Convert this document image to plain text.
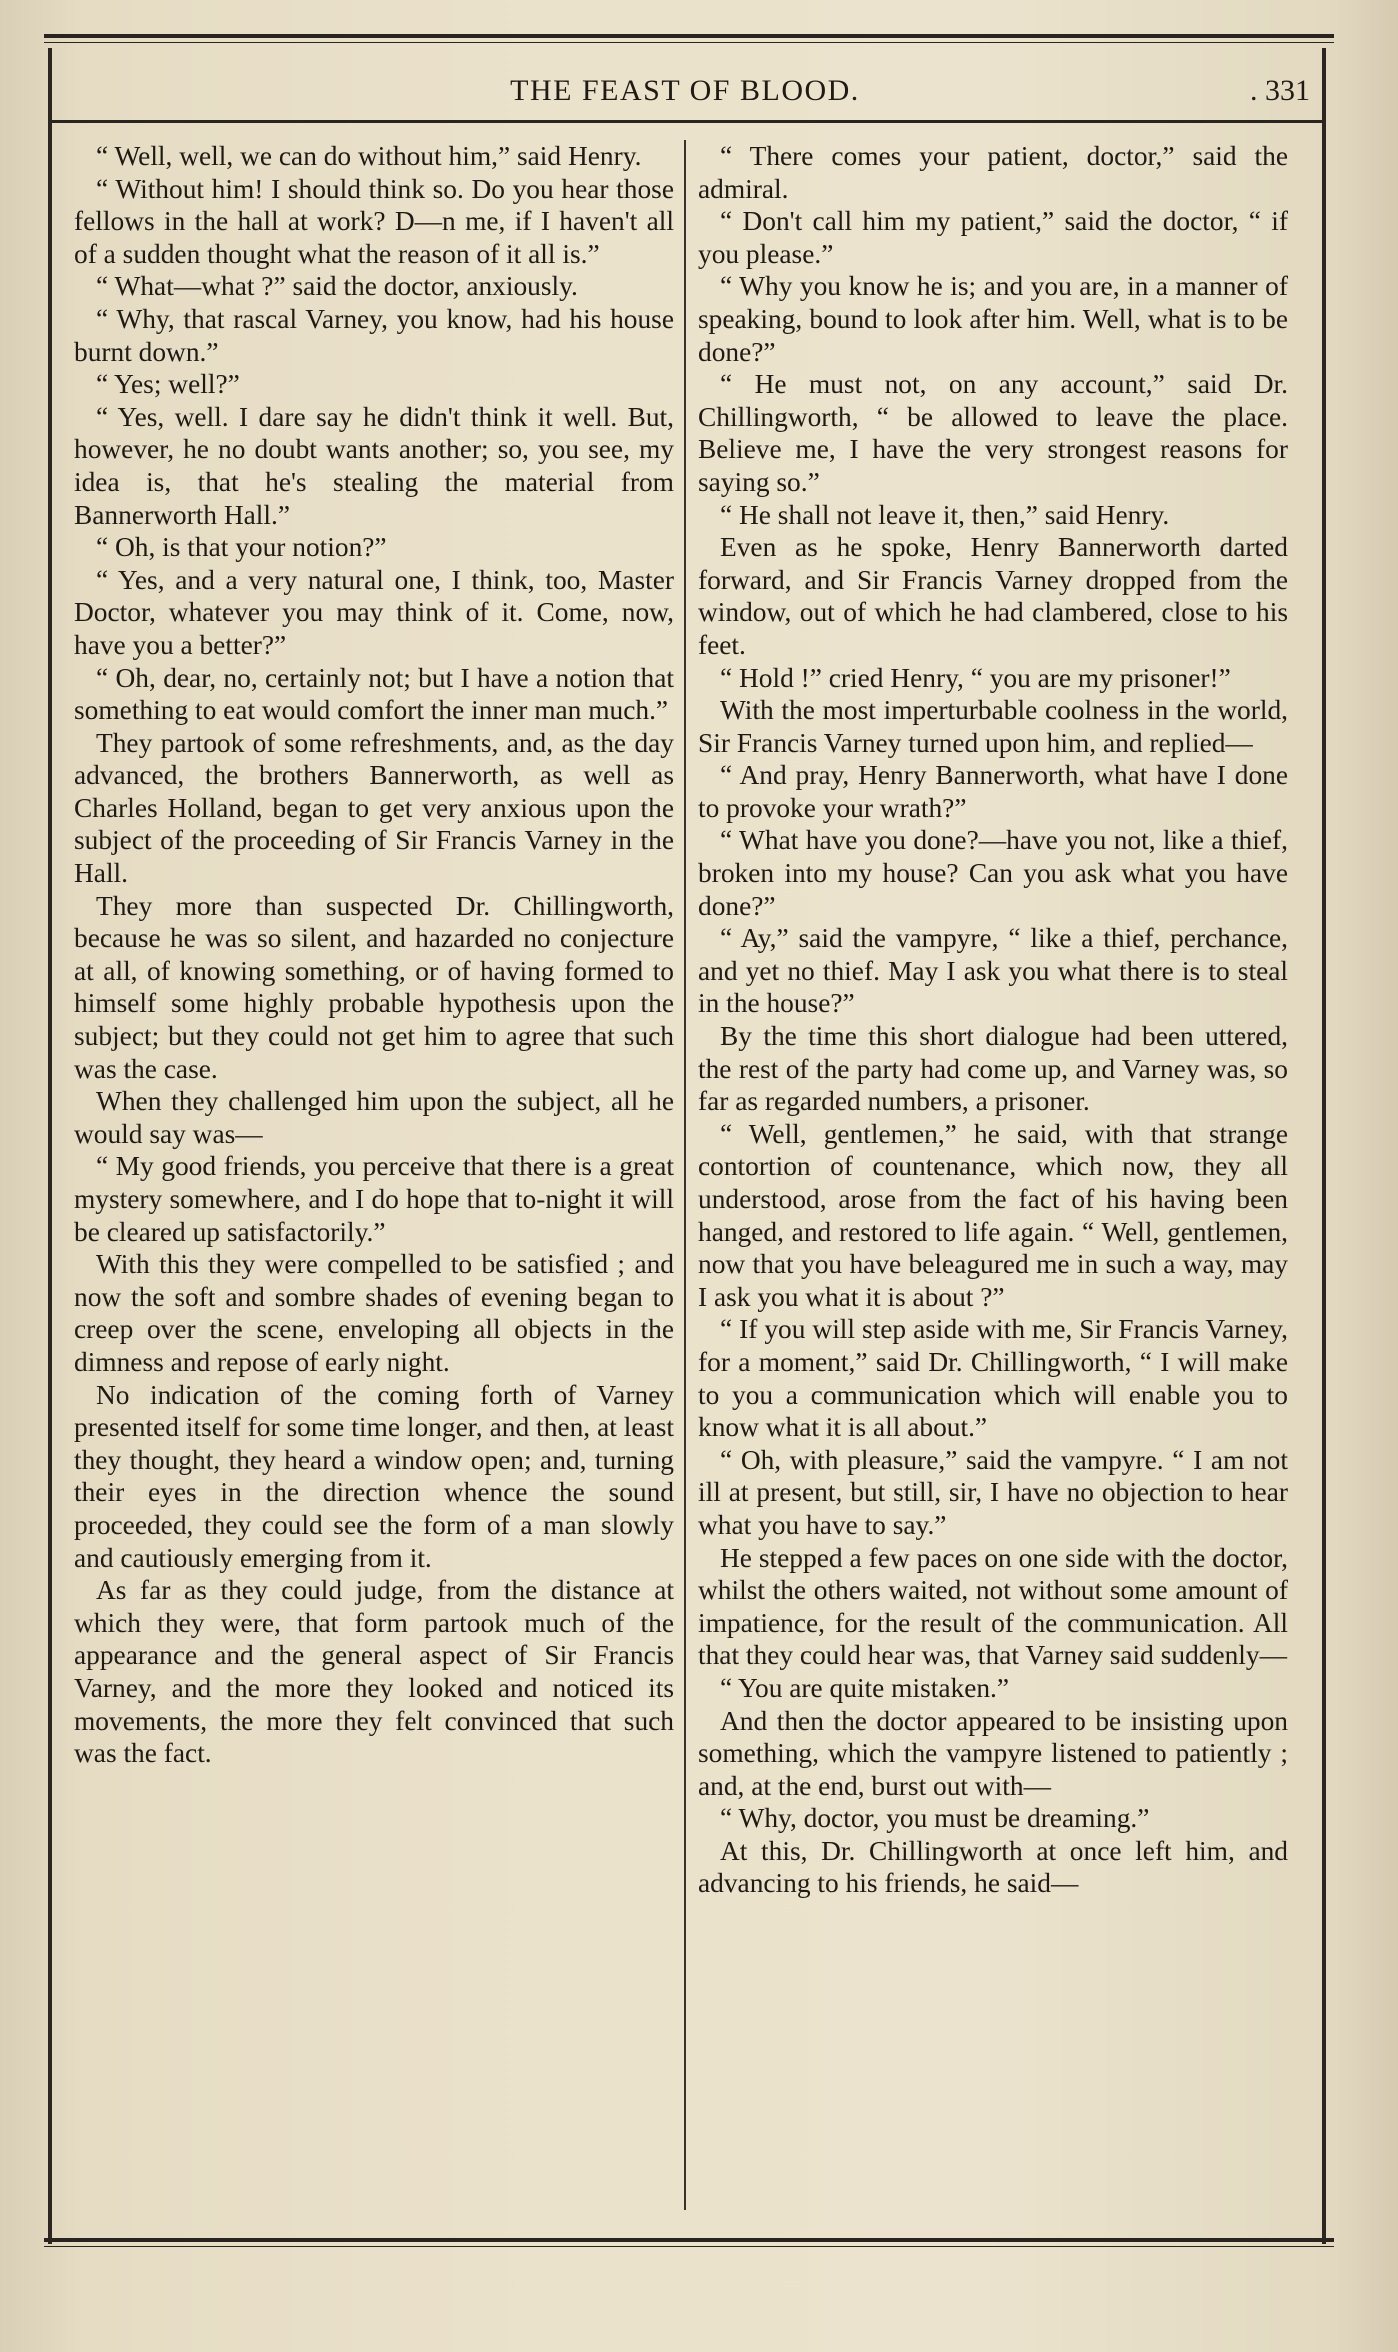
THE FEAST OF BLOOD.	. 331

“ Well, well, we can do without him,” said Henry.

“ Without him! I should think so. Do you hear those fellows in the hall at work? D—n me, if I haven't all of a sudden thought what the reason of it all is.”

“ What—what ?” said the doctor, anxiously.

“ Why, that rascal Varney, you know, had his house burnt down.”

“ Yes; well?”

“ Yes, well. I dare say he didn't think it well. But, however, he no doubt wants another; so, you see, my idea is, that he's stealing the material from Bannerworth Hall.”

“ Oh, is that your notion?”

“ Yes, and a very natural one, I think, too, Master Doctor, whatever you may think of it. Come, now, have you a better?”

“ Oh, dear, no, certainly not; but I have a notion that something to eat would comfort the inner man much.”

They partook of some refreshments, and, as the day advanced, the brothers Bannerworth, as well as Charles Holland, began to get very anxious upon the subject of the proceeding of Sir Francis Varney in the Hall.

They more than suspected Dr. Chillingworth, because he was so silent, and hazarded no conjecture at all, of knowing something, or of having formed to himself some highly probable hypothesis upon the subject; but they could not get him to agree that such was the case.

When they challenged him upon the subject, all he would say was—

“ My good friends, you perceive that there is a great mystery somewhere, and I do hope that to-night it will be cleared up satisfactorily.”

With this they were compelled to be satisfied ; and now the soft and sombre shades of evening began to creep over the scene, enveloping all objects in the dimness and repose of early night.

No indication of the coming forth of Varney presented itself for some time longer, and then, at least they thought, they heard a window open; and, turning their eyes in the direction whence the sound proceeded, they could see the form of a man slowly and cautiously emerging from it.

As far as they could judge, from the distance at which they were, that form partook much of the appearance and the general aspect of Sir Francis Varney, and the more they looked and noticed its movements, the more they felt convinced that such was the fact.

“ There comes your patient, doctor,” said the admiral.

“ Don't call him my patient,” said the doctor, “ if you please.”

“ Why you know he is; and you are, in a manner of speaking, bound to look after him. Well, what is to be done?”

“ He must not, on any account,” said Dr. Chillingworth, “ be allowed to leave the place. Believe me, I have the very strongest reasons for saying so.”

“ He shall not leave it, then,” said Henry.

Even as he spoke, Henry Bannerworth darted forward, and Sir Francis Varney dropped from the window, out of which he had clambered, close to his feet.

“ Hold !” cried Henry, “ you are my prisoner!”

With the most imperturbable coolness in the world, Sir Francis Varney turned upon him, and replied—

“ And pray, Henry Bannerworth, what have I done to provoke your wrath?”

“ What have you done?—have you not, like a thief, broken into my house? Can you ask what you have done?”

“ Ay,” said the vampyre, “ like a thief, perchance, and yet no thief. May I ask you what there is to steal in the house?”

By the time this short dialogue had been uttered, the rest of the party had come up, and Varney was, so far as regarded numbers, a prisoner.

“ Well, gentlemen,” he said, with that strange contortion of countenance, which now, they all understood, arose from the fact of his having been hanged, and restored to life again. “ Well, gentlemen, now that you have beleagured me in such a way, may I ask you what it is about ?”

“ If you will step aside with me, Sir Francis Varney, for a moment,” said Dr. Chillingworth, “ I will make to you a communication which will enable you to know what it is all about.”

“ Oh, with pleasure,” said the vampyre. “ I am not ill at present, but still, sir, I have no objection to hear what you have to say.”

He stepped a few paces on one side with the doctor, whilst the others waited, not without some amount of impatience, for the result of the communication. All that they could hear was, that Varney said suddenly—

“ You are quite mistaken.”

And then the doctor appeared to be insisting upon something, which the vampyre listened to patiently ; and, at the end, burst out with—

“ Why, doctor, you must be dreaming.”

At this, Dr. Chillingworth at once left him, and advancing to his friends, he said—
